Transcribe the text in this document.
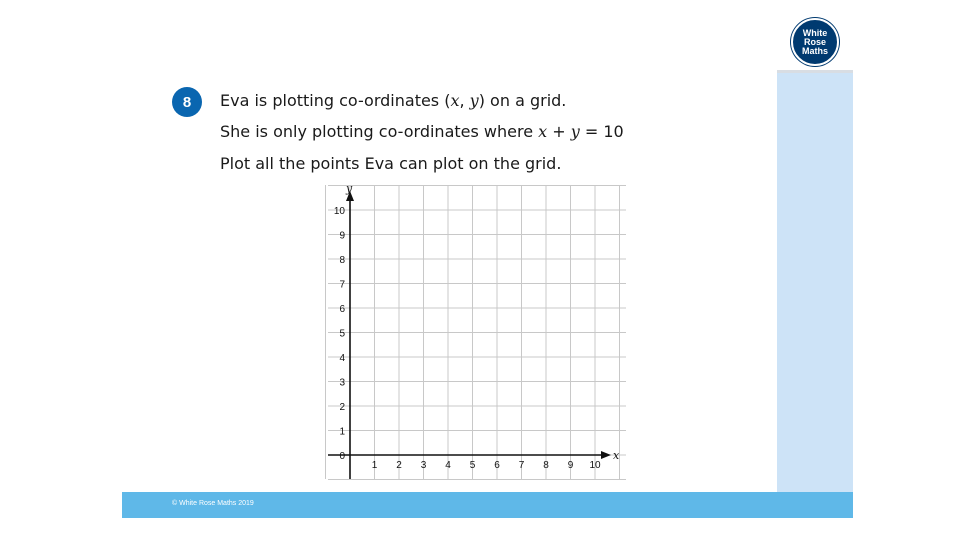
White
Rose
Maths
8	Eva is plotting co-ordinates (x, y) on a grid.
She is only plotting co-ordinates where x + y = 10
Plot all the points Eva can plot on the grid.
x
y
1 2 3 4 5 6 7 8 9 10
0
1
2
3
4
5
6
7
8
9
10
© White Rose Maths 2019
